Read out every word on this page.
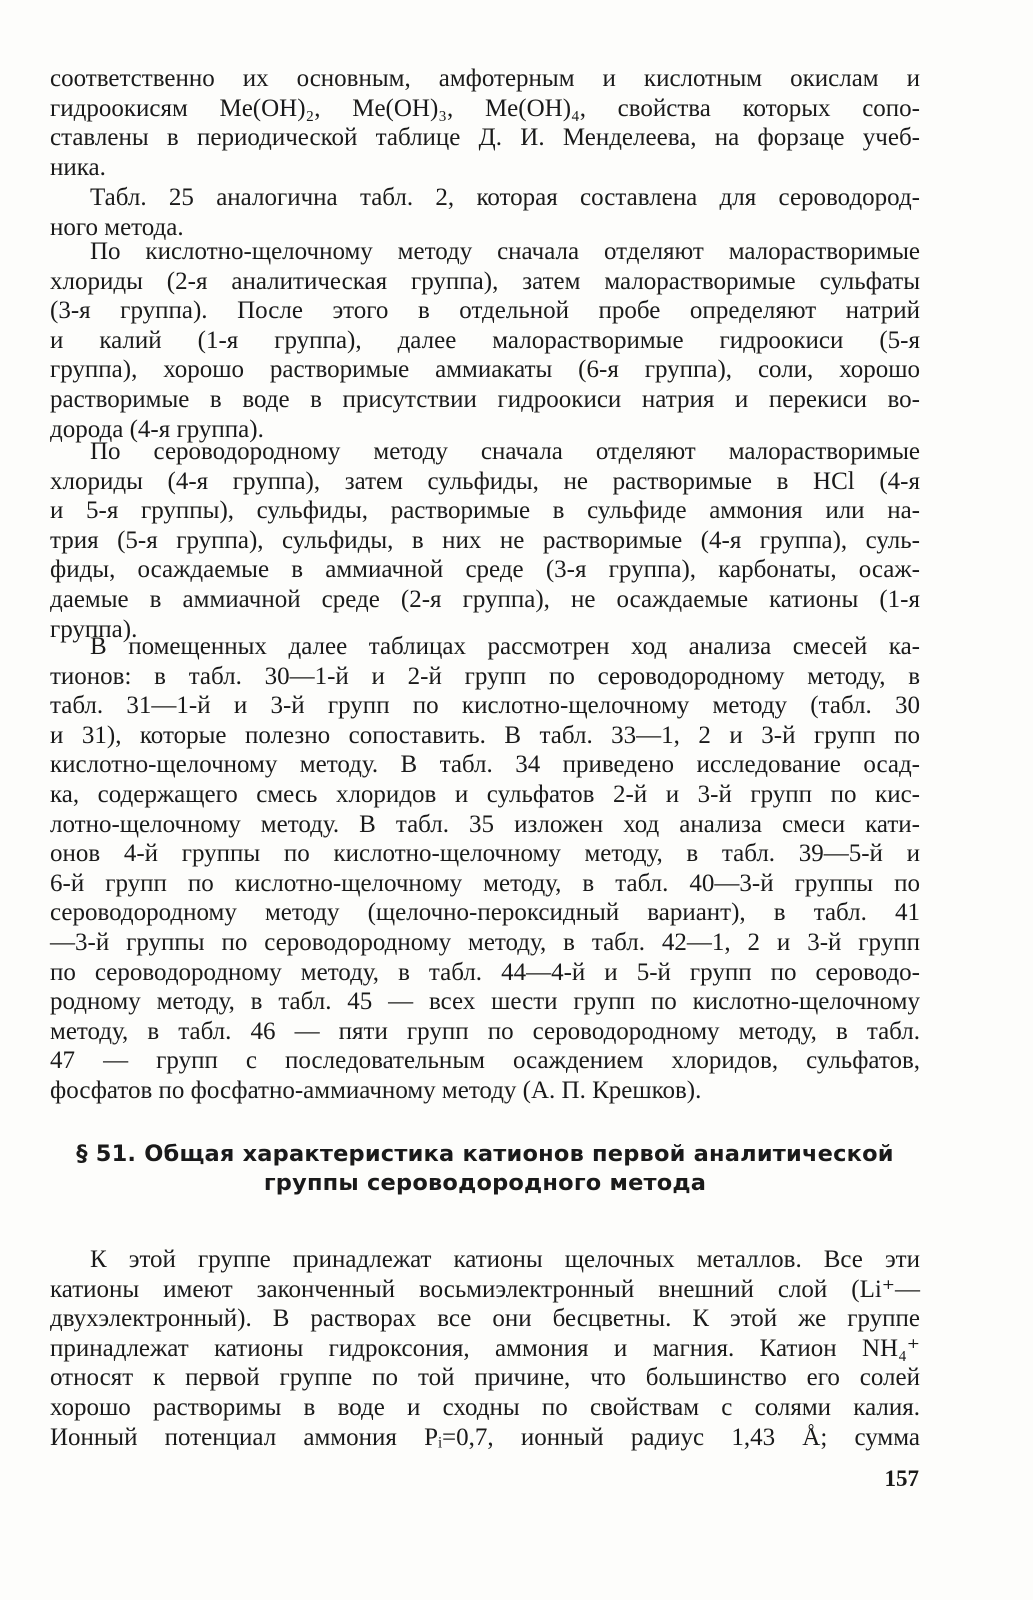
соответственно их основным, амфотерным и кислотным окислам и
гидроокисям Me(OH)₂, Me(OH)₃, Me(OH)₄, свойства которых сопо-
ставлены в периодической таблице Д. И. Менделеева, на форзаце учеб-
ника.

Табл. 25 аналогична табл. 2, которая составлена для сероводород-
ного метода.

По кислотно-щелочному методу сначала отделяют малорастворимые
хлориды (2-я аналитическая группа), затем малорастворимые сульфаты
(3-я группа). После этого в отдельной пробе определяют натрий
и калий (1-я группа), далее малорастворимые гидроокиси (5-я
группа), хорошо растворимые аммиакаты (6-я группа), соли, хорошо
растворимые в воде в присутствии гидроокиси натрия и перекиси во-
дорода (4-я группа).

По сероводородному методу сначала отделяют малорастворимые
хлориды (4-я группа), затем сульфиды, не растворимые в HCl (4-я
и 5-я группы), сульфиды, растворимые в сульфиде аммония или на-
трия (5-я группа), сульфиды, в них не растворимые (4-я группа), суль-
фиды, осаждаемые в аммиачной среде (3-я группа), карбонаты, осаж-
даемые в аммиачной среде (2-я группа), не осаждаемые катионы (1-я
группа).

В помещенных далее таблицах рассмотрен ход анализа смесей ка-
тионов: в табл. 30—1-й и 2-й групп по сероводородному методу, в
табл. 31—1-й и 3-й групп по кислотно-щелочному методу (табл. 30
и 31), которые полезно сопоставить. В табл. 33—1, 2 и 3-й групп по
кислотно-щелочному методу. В табл. 34 приведено исследование осад-
ка, содержащего смесь хлоридов и сульфатов 2-й и 3-й групп по кис-
лотно-щелочному методу. В табл. 35 изложен ход анализа смеси кати-
онов 4-й группы по кислотно-щелочному методу, в табл. 39—5-й и
6-й групп по кислотно-щелочному методу, в табл. 40—3-й группы по
сероводородному методу (щелочно-пероксидный вариант), в табл. 41
—3-й группы по сероводородному методу, в табл. 42—1, 2 и 3-й групп
по сероводородному методу, в табл. 44—4-й и 5-й групп по сероводо-
родному методу, в табл. 45 — всех шести групп по кислотно-щелочному
методу, в табл. 46 — пяти групп по сероводородному методу, в табл.
47 — групп с последовательным осаждением хлоридов, сульфатов,
фосфатов по фосфатно-аммиачному методу (А. П. Крешков).

§ 51. Общая характеристика катионов первой аналитической
группы сероводородного метода

К этой группе принадлежат катионы щелочных металлов. Все эти
катионы имеют законченный восьмиэлектронный внешний слой (Li⁺—
двухэлектронный). В растворах все они бесцветны. К этой же группе
принадлежат катионы гидроксония, аммония и магния. Катион NH₄⁺
относят к первой группе по той причине, что большинство его солей
хорошо растворимы в воде и сходны по свойствам с солями калия.
Ионный потенциал аммония Pᵢ=0,7, ионный радиус 1,43 Å; сумма

157
